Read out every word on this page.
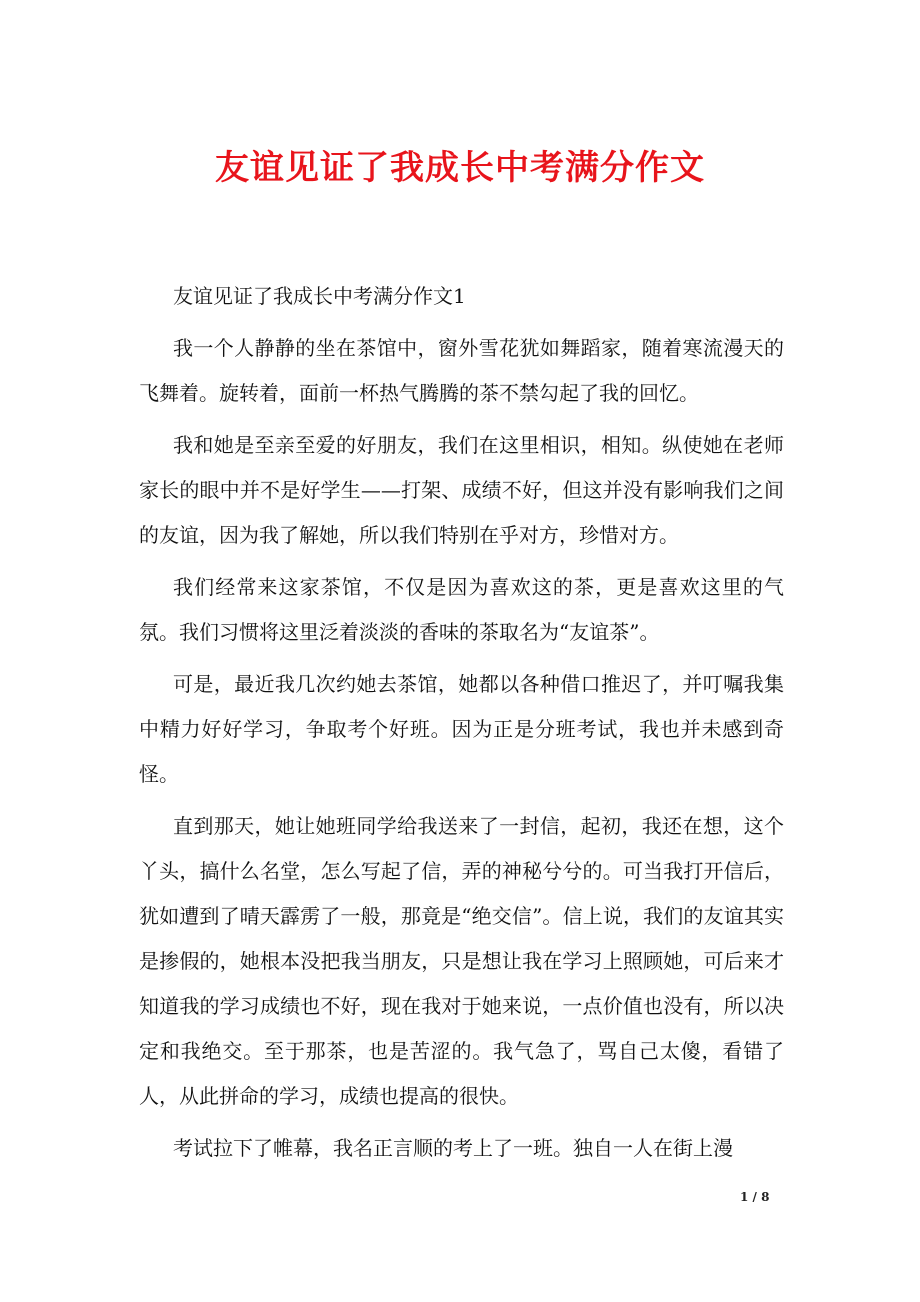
友谊见证了我成长中考满分作文

友谊见证了我成长中考满分作文1

我一个人静静的坐在茶馆中，窗外雪花犹如舞蹈家，随着寒流漫天的飞舞着。旋转着，面前一杯热气腾腾的茶不禁勾起了我的回忆。

我和她是至亲至爱的好朋友，我们在这里相识，相知。纵使她在老师家长的眼中并不是好学生——打架、成绩不好，但这并没有影响我们之间的友谊，因为我了解她，所以我们特别在乎对方，珍惜对方。

我们经常来这家茶馆，不仅是因为喜欢这的茶，更是喜欢这里的气氛。我们习惯将这里泛着淡淡的香味的茶取名为“友谊茶”。

可是，最近我几次约她去茶馆，她都以各种借口推迟了，并叮嘱我集中精力好好学习，争取考个好班。因为正是分班考试，我也并未感到奇怪。

直到那天，她让她班同学给我送来了一封信，起初，我还在想，这个丫头，搞什么名堂，怎么写起了信，弄的神秘兮兮的。可当我打开信后，犹如遭到了晴天霹雳了一般，那竟是“绝交信”。信上说，我们的友谊其实是掺假的，她根本没把我当朋友，只是想让我在学习上照顾她，可后来才知道我的学习成绩也不好，现在我对于她来说，一点价值也没有，所以决定和我绝交。至于那茶，也是苦涩的。我气急了，骂自己太傻，看错了人，从此拼命的学习，成绩也提高的很快。

考试拉下了帷幕，我名正言顺的考上了一班。独自一人在街上漫

1 / 8
